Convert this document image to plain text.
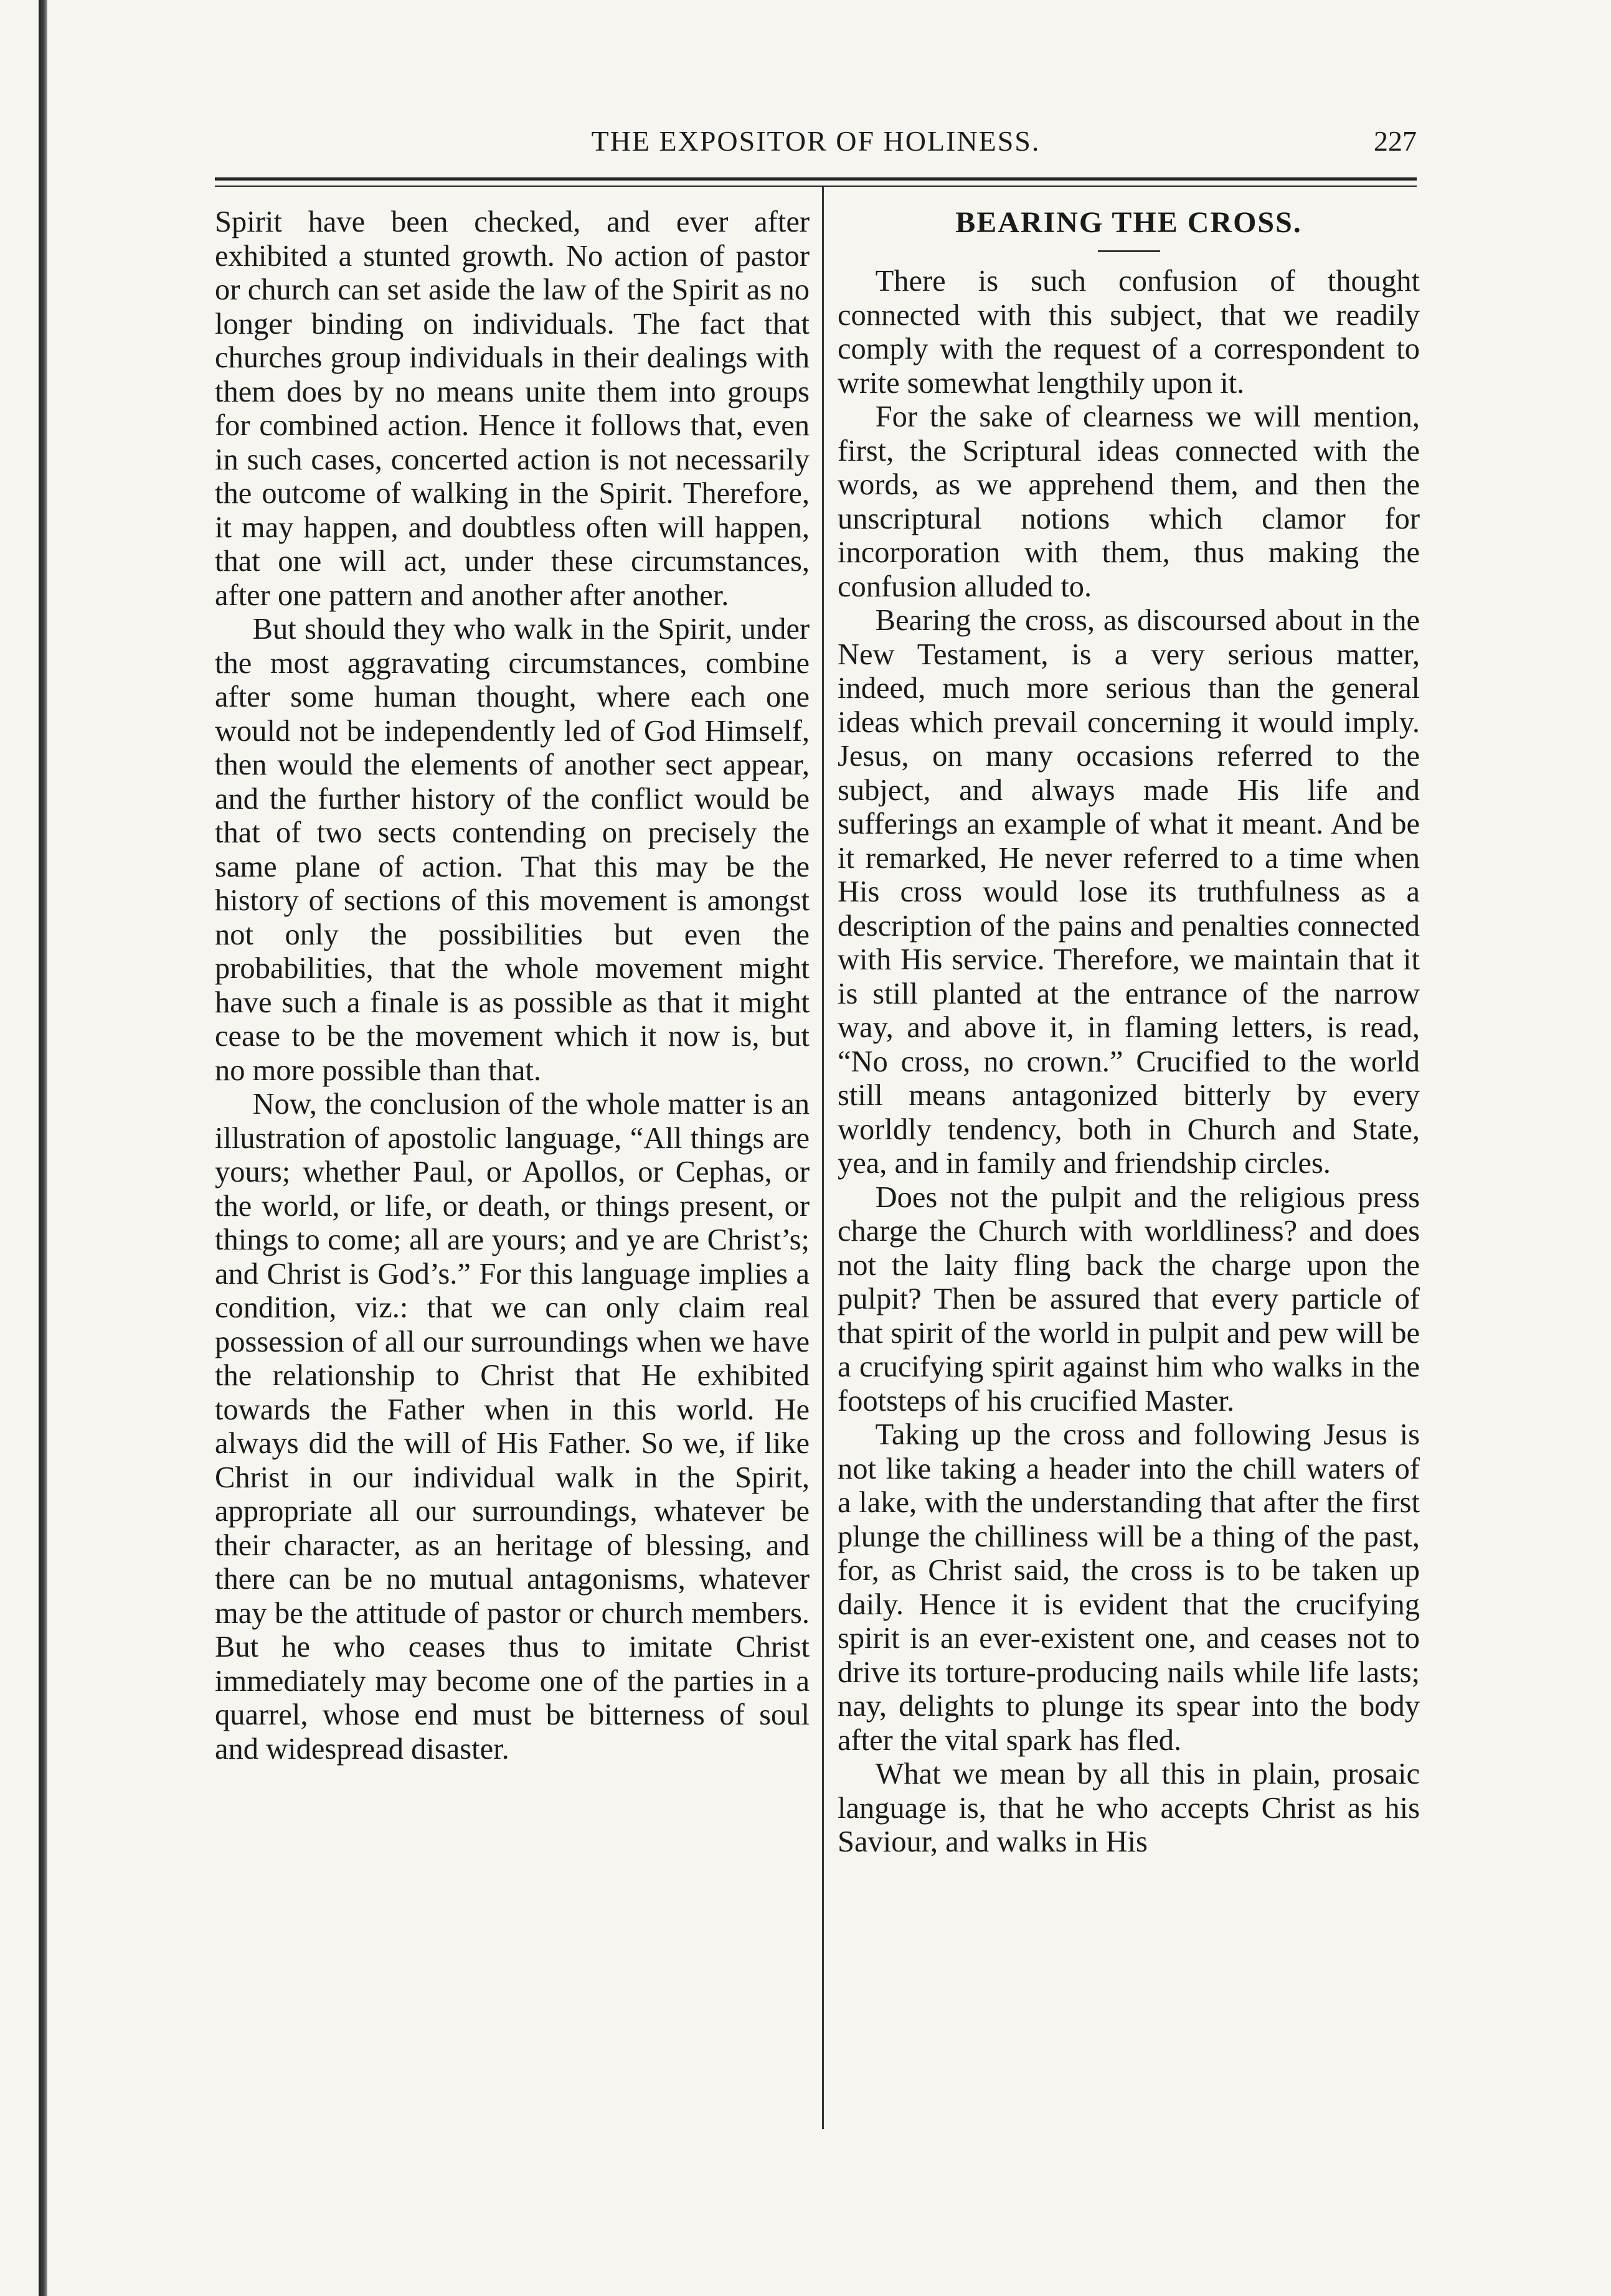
THE EXPOSITOR OF HOLINESS.	227

Spirit have been checked, and ever after exhibited a stunted growth. No action of pastor or church can set aside the law of the Spirit as no longer binding on individuals. The fact that churches group individuals in their dealings with them does by no means unite them into groups for combined action. Hence it follows that, even in such cases, concerted action is not necessarily the outcome of walking in the Spirit. Therefore, it may happen, and doubtless often will happen, that one will act, under these circumstances, after one pattern and another after another.

But should they who walk in the Spirit, under the most aggravating circumstances, combine after some human thought, where each one would not be independently led of God Himself, then would the elements of another sect appear, and the further history of the conflict would be that of two sects contending on precisely the same plane of action. That this may be the history of sections of this movement is amongst not only the possibilities but even the probabilities, that the whole movement might have such a finale is as possible as that it might cease to be the movement which it now is, but no more possible than that.

Now, the conclusion of the whole matter is an illustration of apostolic language, “All things are yours; whether Paul, or Apollos, or Cephas, or the world, or life, or death, or things present, or things to come; all are yours; and ye are Christ’s; and Christ is God’s.” For this language implies a condition, viz.: that we can only claim real possession of all our surroundings when we have the relationship to Christ that He exhibited towards the Father when in this world. He always did the will of His Father. So we, if like Christ in our individual walk in the Spirit, appropriate all our surroundings, whatever be their character, as an heritage of blessing, and there can be no mutual antagonisms, whatever may be the attitude of pastor or church members. But he who ceases thus to imitate Christ immediately may become one of the parties in a quarrel, whose end must be bitterness of soul and widespread disaster.

BEARING THE CROSS.

There is such confusion of thought connected with this subject, that we readily comply with the request of a correspondent to write somewhat lengthily upon it.

For the sake of clearness we will mention, first, the Scriptural ideas connected with the words, as we apprehend them, and then the unscriptural notions which clamor for incorporation with them, thus making the confusion alluded to.

Bearing the cross, as discoursed about in the New Testament, is a very serious matter, indeed, much more serious than the general ideas which prevail concerning it would imply. Jesus, on many occasions referred to the subject, and always made His life and sufferings an example of what it meant. And be it remarked, He never referred to a time when His cross would lose its truthfulness as a description of the pains and penalties connected with His service. Therefore, we maintain that it is still planted at the entrance of the narrow way, and above it, in flaming letters, is read, “No cross, no crown.” Crucified to the world still means antagonized bitterly by every worldly tendency, both in Church and State, yea, and in family and friendship circles.

Does not the pulpit and the religious press charge the Church with worldliness? and does not the laity fling back the charge upon the pulpit? Then be assured that every particle of that spirit of the world in pulpit and pew will be a crucifying spirit against him who walks in the footsteps of his crucified Master.

Taking up the cross and following Jesus is not like taking a header into the chill waters of a lake, with the understanding that after the first plunge the chilliness will be a thing of the past, for, as Christ said, the cross is to be taken up daily. Hence it is evident that the crucifying spirit is an ever-existent one, and ceases not to drive its torture-producing nails while life lasts; nay, delights to plunge its spear into the body after the vital spark has fled.

What we mean by all this in plain, prosaic language is, that he who accepts Christ as his Saviour, and walks in His
